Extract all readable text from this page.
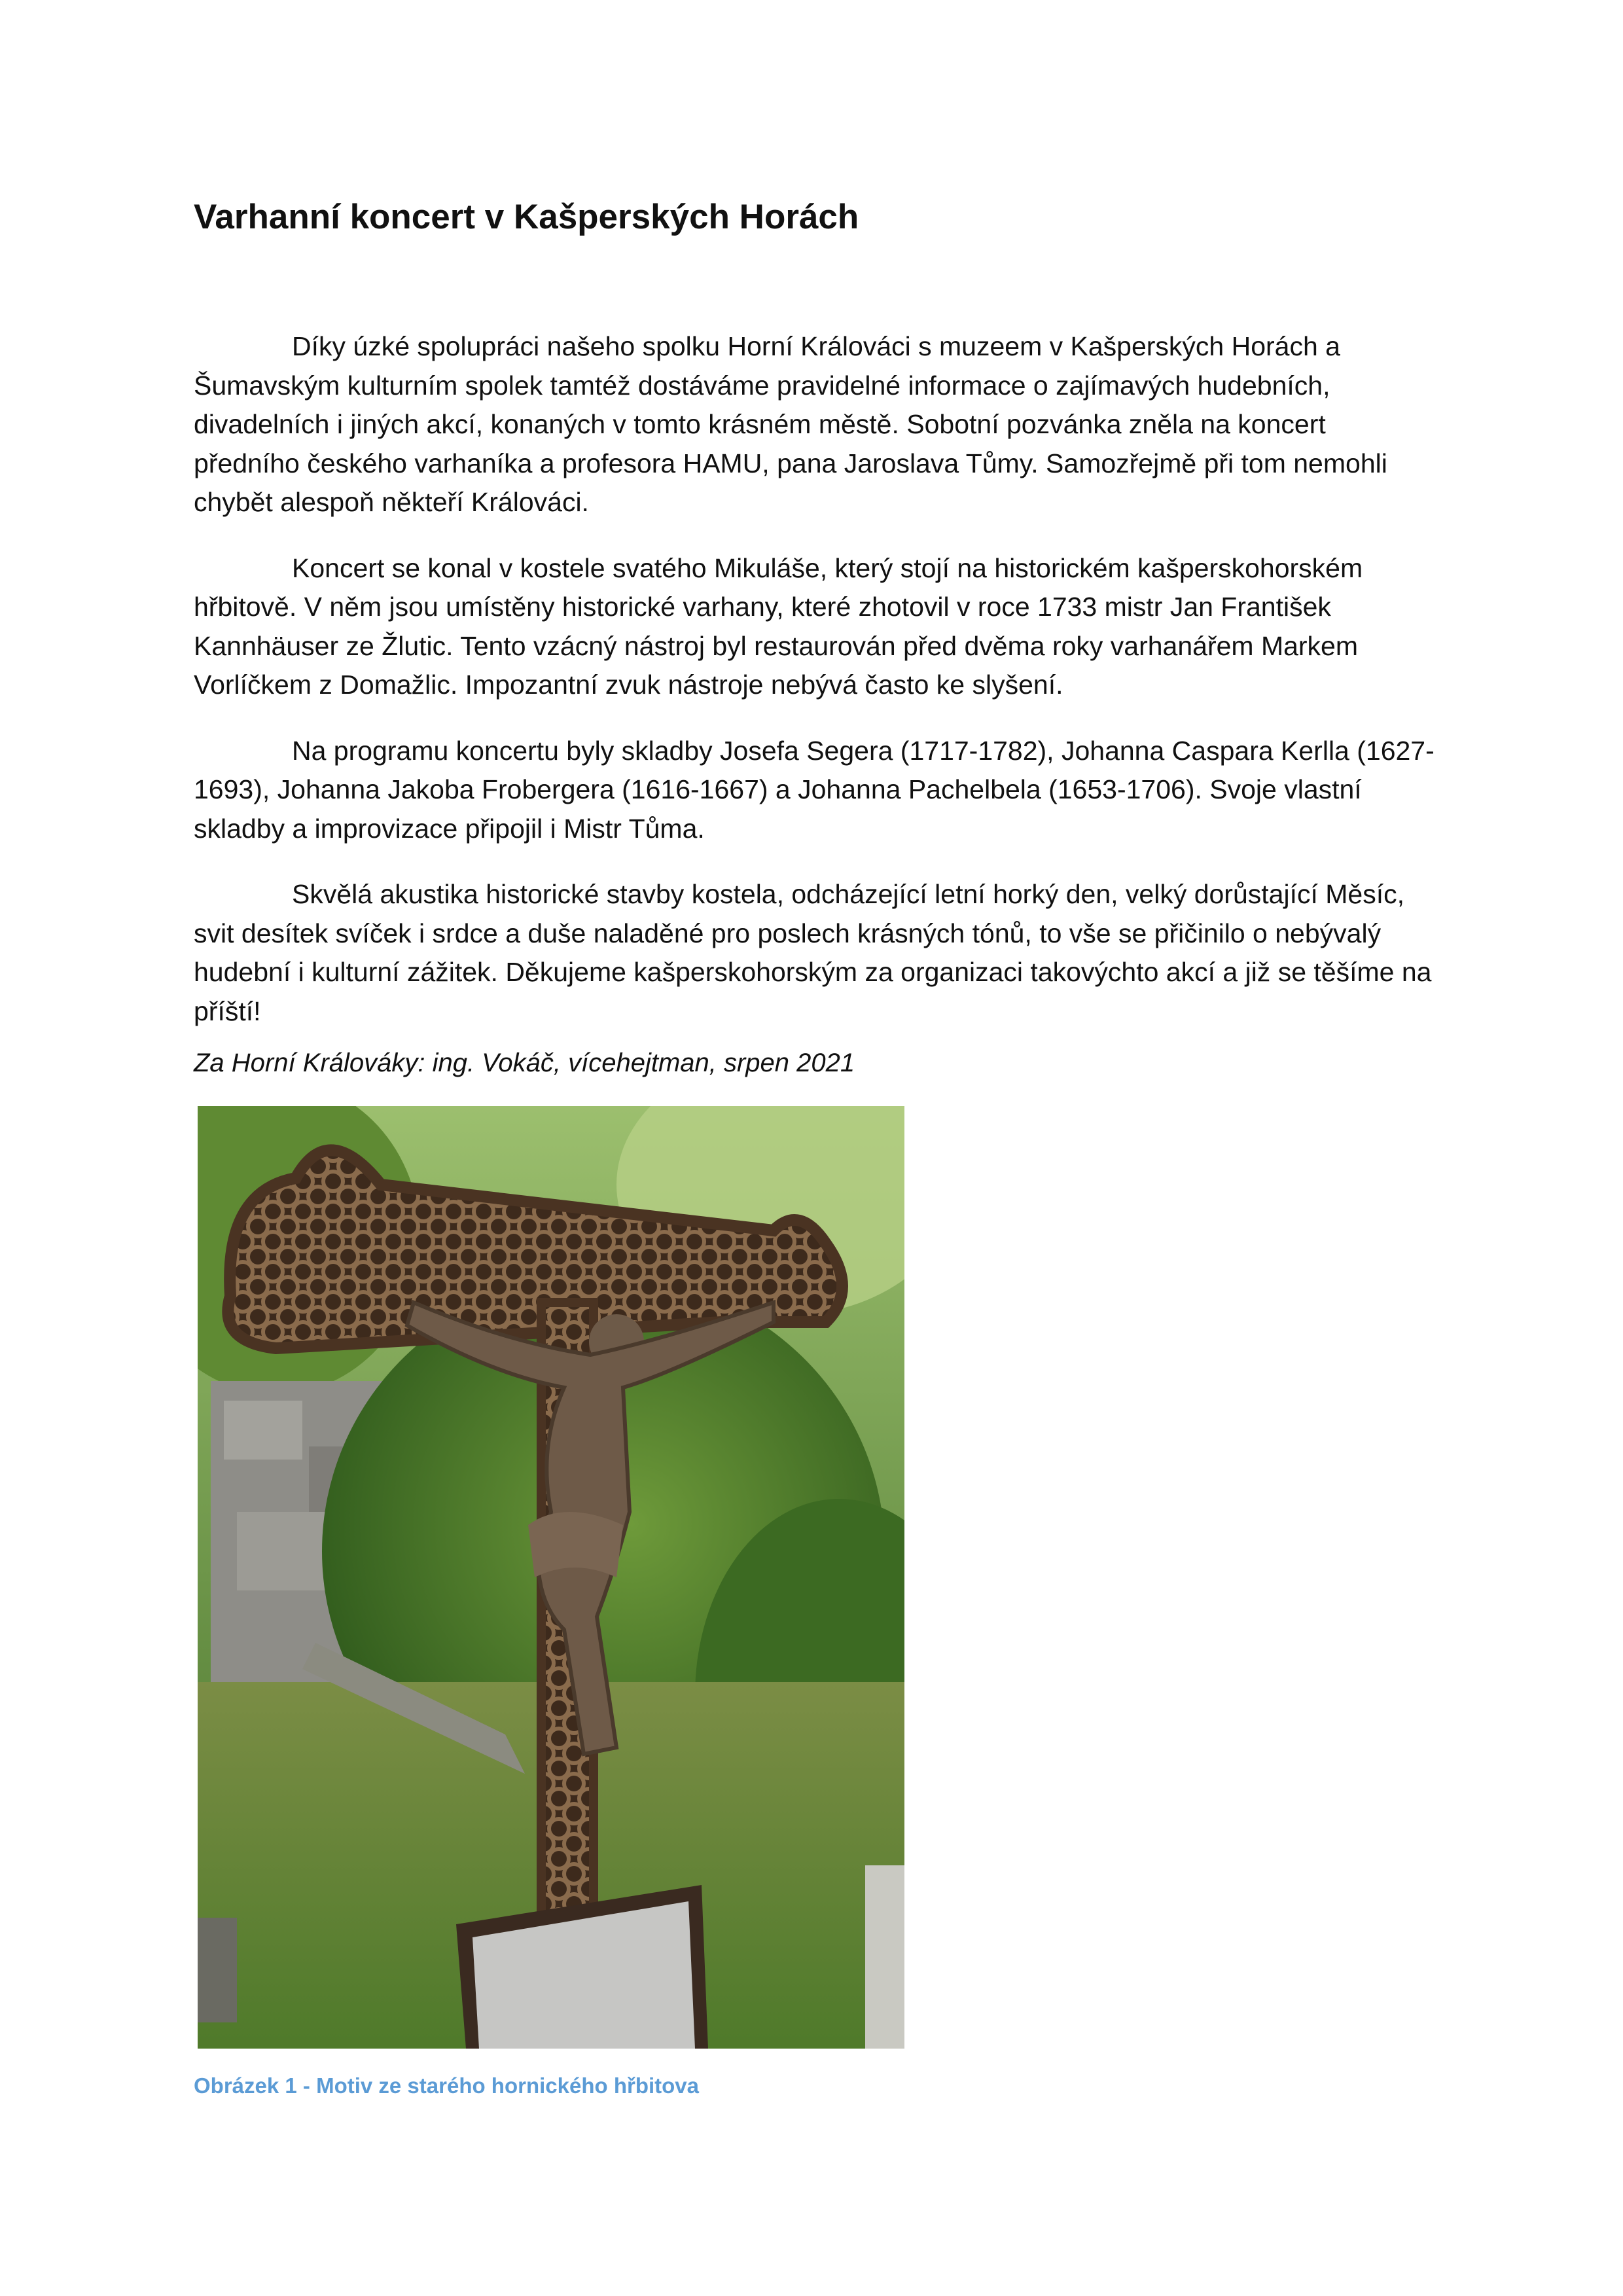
Varhanní koncert v Kašperských Horách

Díky úzké spolupráci našeho spolku Horní Králováci s muzeem v Kašperských Horách a Šumavským kulturním spolek tamtéž dostáváme pravidelné informace o zajímavých hudebních, divadelních i jiných akcí, konaných v tomto krásném městě. Sobotní pozvánka zněla na koncert předního českého varhaníka a profesora HAMU, pana Jaroslava Tůmy. Samozřejmě při tom nemohli chybět alespoň někteří Králováci.

Koncert se konal v kostele svatého Mikuláše, který stojí na historickém kašperskohorském hřbitově. V něm jsou umístěny historické varhany, které zhotovil v roce 1733 mistr Jan František Kannhäuser ze Žlutic. Tento vzácný nástroj byl restaurován před dvěma roky varhanářem Markem Vorlíčkem z Domažlic. Impozantní zvuk nástroje nebývá často ke slyšení.

Na programu koncertu byly skladby Josefa Segera (1717-1782), Johanna Caspara Kerlla (1627-1693), Johanna Jakoba Frobergera (1616-1667) a Johanna Pachelbela (1653-1706). Svoje vlastní skladby a improvizace připojil i Mistr Tůma.

Skvělá akustika historické stavby kostela, odcházející letní horký den, velký dorůstající Měsíc, svit desítek svíček i srdce a duše naladěné pro poslech krásných tónů, to vše se přičinilo o nebývalý hudební i kulturní zážitek. Děkujeme kašperskohorským za organizaci takovýchto akcí a již se těšíme na příští!

Za Horní Králováky: ing. Vokáč, vícehejtman, srpen 2021
Obrázek 1 - Motiv ze starého hornického hřbitova
